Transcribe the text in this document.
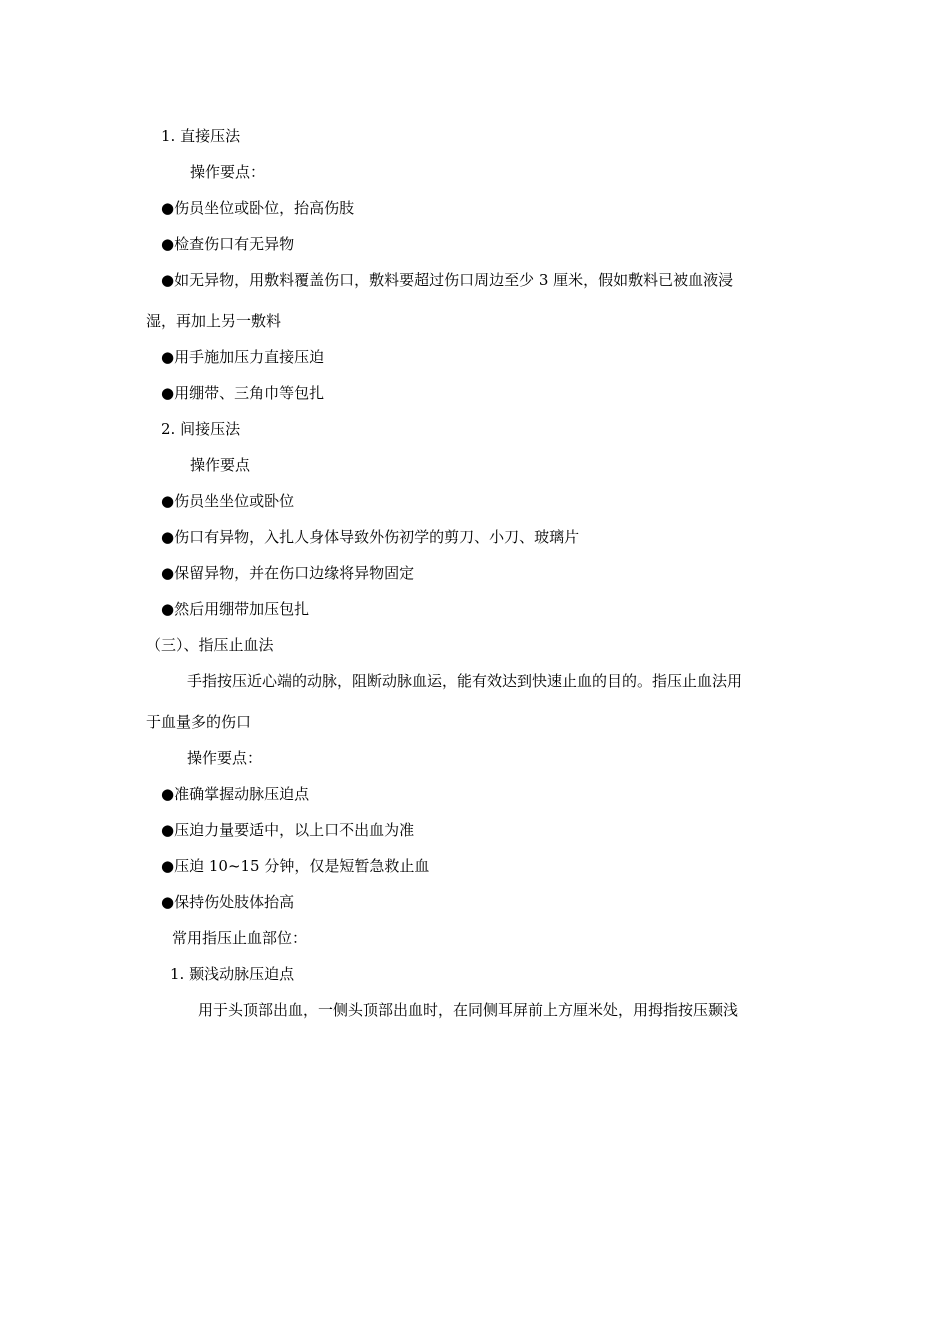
1. 直接压法
操作要点：
●伤员坐位或卧位，抬高伤肢
●检查伤口有无异物
●如无异物，用敷料覆盖伤口，敷料要超过伤口周边至少 3 厘米，假如敷料已被血液浸
湿，再加上另一敷料
●用手施加压力直接压迫
●用绷带、三角巾等包扎
2. 间接压法
操作要点
●伤员坐坐位或卧位
●伤口有异物，入扎人身体导致外伤初学的剪刀、小刀、玻璃片
●保留异物，并在伤口边缘将异物固定
●然后用绷带加压包扎
（三）、指压止血法
手指按压近心端的动脉，阻断动脉血运，能有效达到快速止血的目的。指压止血法用
于血量多的伤口
操作要点：
●准确掌握动脉压迫点
●压迫力量要适中，以上口不出血为准
●压迫 10~15 分钟，仅是短暂急救止血
●保持伤处肢体抬高
常用指压止血部位：
1. 颞浅动脉压迫点
用于头顶部出血，一侧头顶部出血时，在同侧耳屏前上方厘米处，用拇指按压颞浅
